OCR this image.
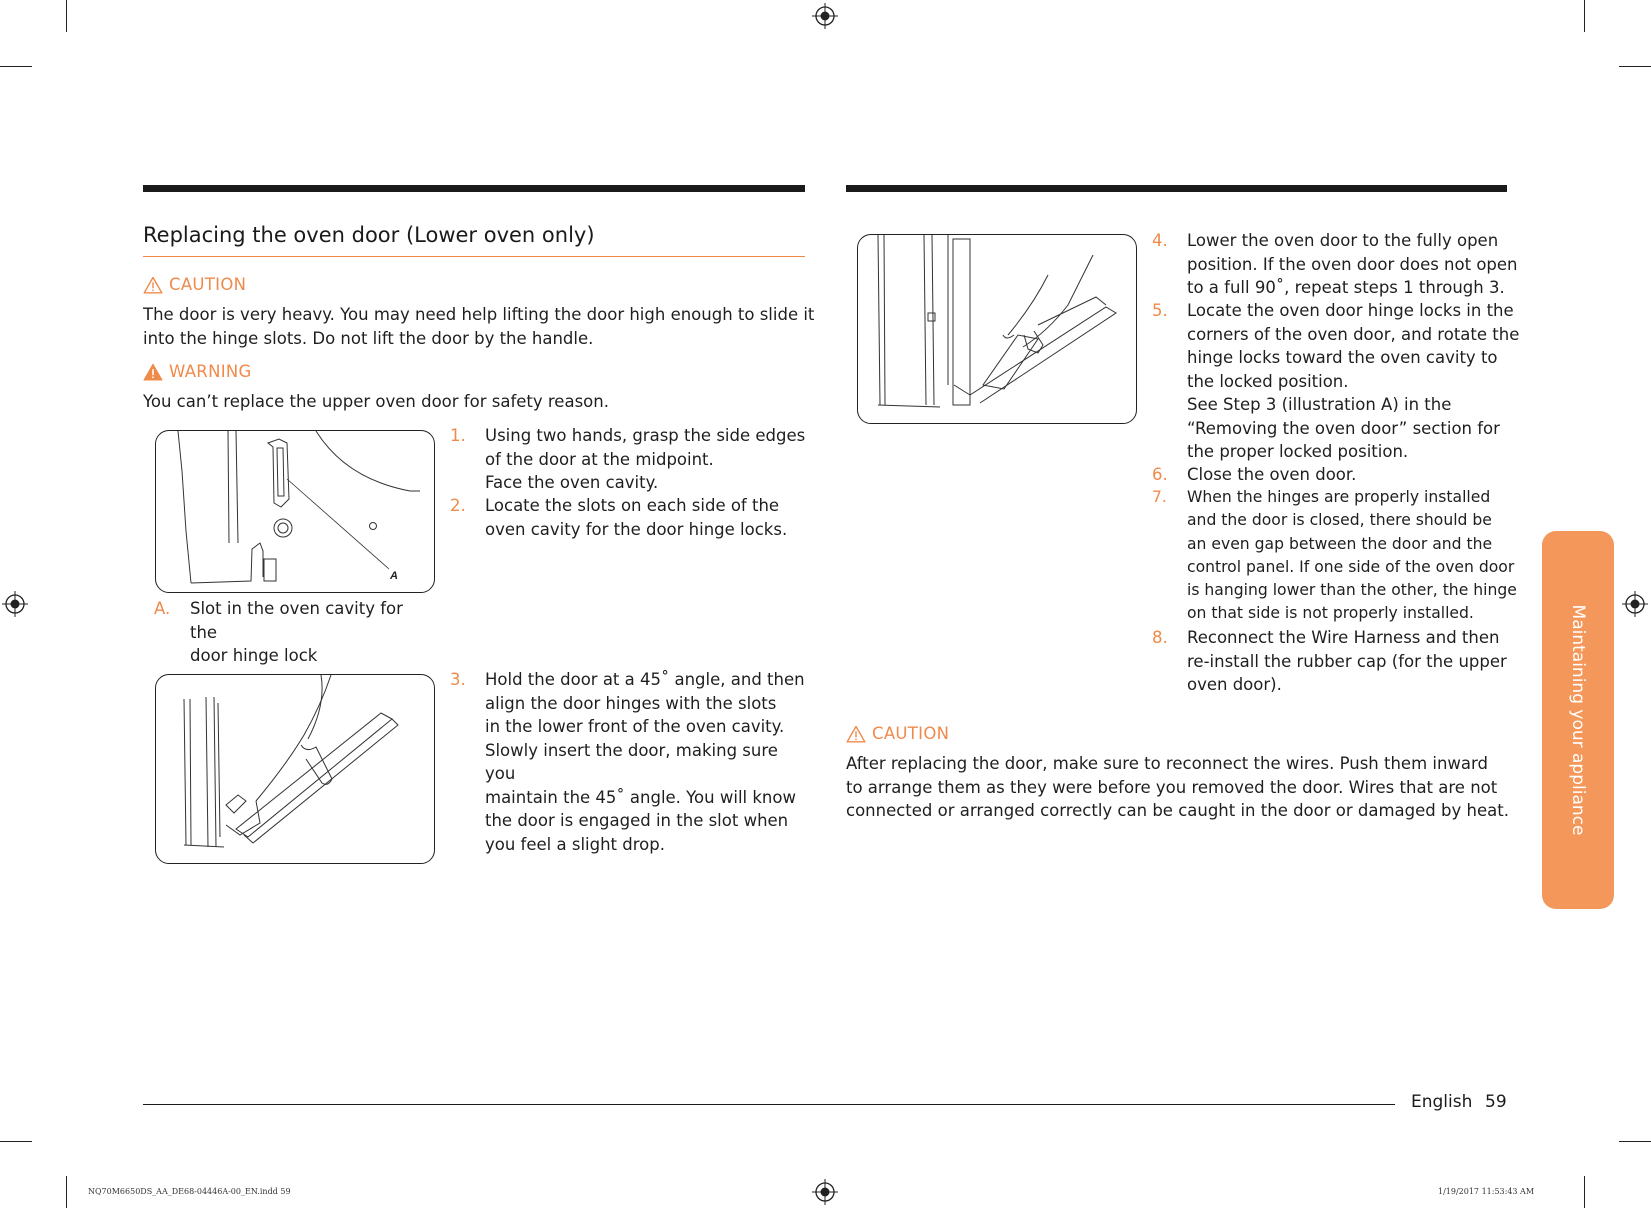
Replacing the oven door (Lower oven only)
CAUTION
The door is very heavy. You may need help lifting the door high enough to slide it
into the hinge slots. Do not lift the door by the handle.
WARNING
You can’t replace the upper oven door for safety reason.
A
A. Slot in the oven cavity for the
door hinge lock
1. Using two hands, grasp the side edges
of the door at the midpoint.
Face the oven cavity.
2. Locate the slots on each side of the
oven cavity for the door hinge locks.
3. Hold the door at a 45˚ angle, and then
align the door hinges with the slots
in the lower front of the oven cavity.
Slowly insert the door, making sure you
maintain the 45˚ angle. You will know
the door is engaged in the slot when
you feel a slight drop.
4. Lower the oven door to the fully open
position. If the oven door does not open
to a full 90˚, repeat steps 1 through 3.
5. Locate the oven door hinge locks in the
corners of the oven door, and rotate the
hinge locks toward the oven cavity to
the locked position.
See Step 3 (illustration A) in the
“Removing the oven door” section for
the proper locked position.
6. Close the oven door.
7. When the hinges are properly installed
and the door is closed, there should be
an even gap between the door and the
control panel. If one side of the oven door
is hanging lower than the other, the hinge
on that side is not properly installed.
8. Reconnect the Wire Harness and then
re-install the rubber cap (for the upper
oven door).
CAUTION
After replacing the door, make sure to reconnect the wires. Push them inward
to arrange them as they were before you removed the door. Wires that are not
connected or arranged correctly can be caught in the door or damaged by heat.	Maintaining your appliance
English 59
NQ70M6650DS_AA_DE68-04446A-00_EN.indd 59	1/19/2017 11:53:43 AM
